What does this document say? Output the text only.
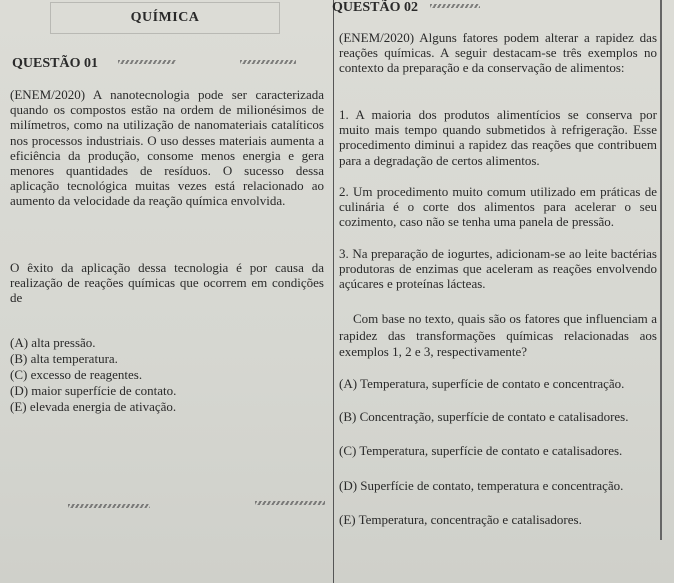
QUÍMICA
QUESTÃO 01
(ENEM/2020) A nanotecnologia pode ser caracterizada quando os compostos estão na ordem de milionésimos de milímetros, como na utilização de nanomateriais catalíticos nos processos industriais. O uso desses materiais aumenta a eficiência da produção, consome menos energia e gera menores quantidades de resíduos. O sucesso dessa aplicação tecnológica muitas vezes está relacionado ao aumento da velocidade da reação química envolvida.
O êxito da aplicação dessa tecnologia é por causa da realização de reações químicas que ocorrem em condições de
(A) alta pressão.
(B) alta temperatura.
(C) excesso de reagentes.
(D) maior superfície de contato.
(E) elevada energia de ativação.
QUESTÃO 02
(ENEM/2020) Alguns fatores podem alterar a rapidez das reações químicas. A seguir destacam-se três exemplos no contexto da preparação e da conservação de alimentos:
1. A maioria dos produtos alimentícios se conserva por muito mais tempo quando submetidos à refrigeração. Esse procedimento diminui a rapidez das reações que contribuem para a degradação de certos alimentos.
2. Um procedimento muito comum utilizado em práticas de culinária é o corte dos alimentos para acelerar o seu cozimento, caso não se tenha uma panela de pressão.
3. Na preparação de iogurtes, adicionam-se ao leite bactérias produtoras de enzimas que aceleram as reações envolvendo açúcares e proteínas lácteas.
Com base no texto, quais são os fatores que influenciam a rapidez das transformações químicas relacionadas aos exemplos 1, 2 e 3, respectivamente?
(A) Temperatura, superfície de contato e concentração.
(B) Concentração, superfície de contato e catalisadores.
(C) Temperatura, superfície de contato e catalisadores.
(D) Superfície de contato, temperatura e concentração.
(E) Temperatura, concentração e catalisadores.
